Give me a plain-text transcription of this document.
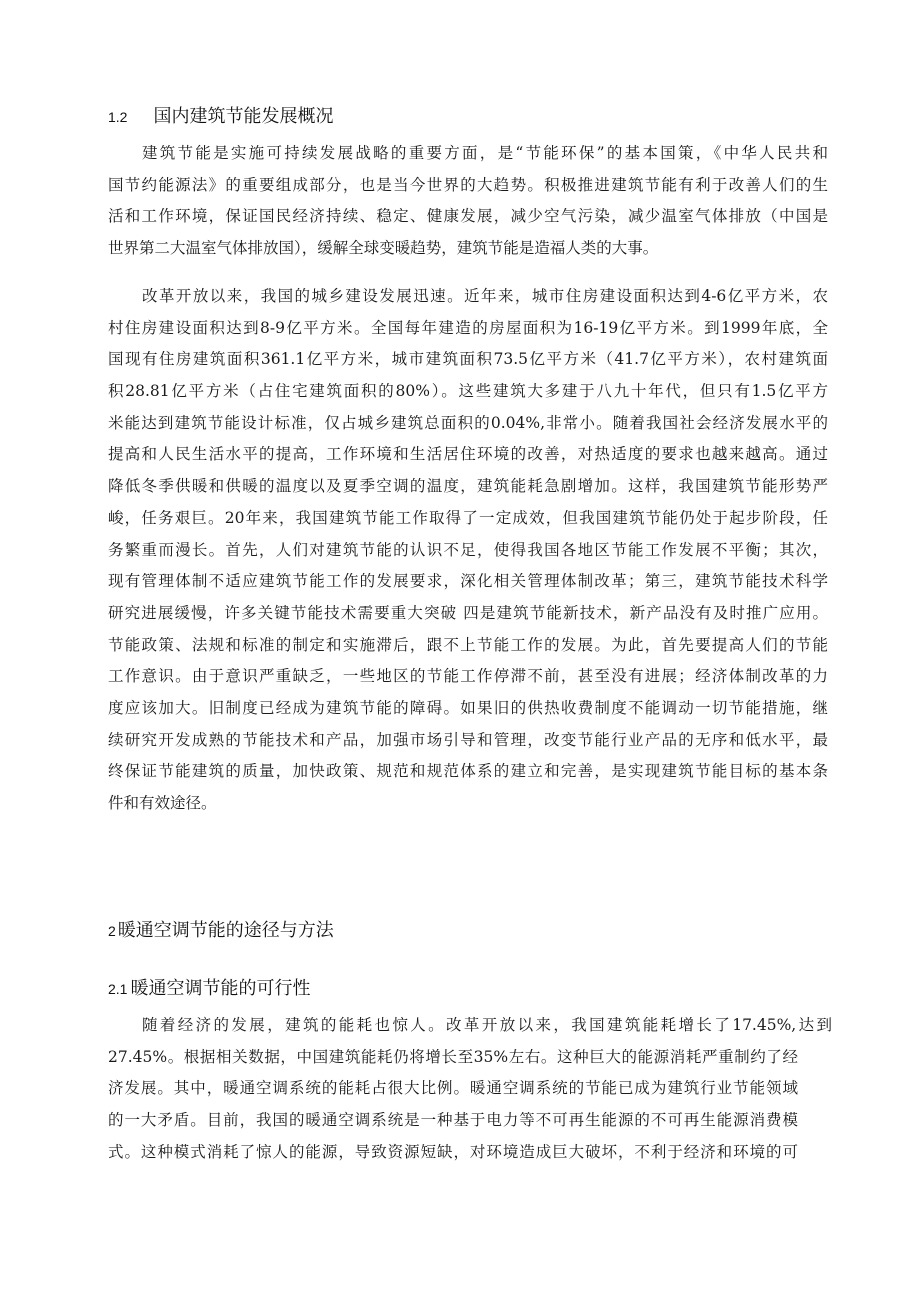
1.2 国内建筑节能发展概况
建筑节能是实施可持续发展战略的重要方面，是“节能环保”的基本国策，《中华人民共和
国节约能源法》的重要组成部分，也是当今世界的大趋势。积极推进建筑节能有利于改善人们的生
活和工作环境，保证国民经济持续、稳定、健康发展，减少空气污染，减少温室气体排放（中国是
世界第二大温室气体排放国），缓解全球变暖趋势，建筑节能是造福人类的大事。
改革开放以来，我国的城乡建设发展迅速。近年来，城市住房建设面积达到4-6亿平方米，农
村住房建设面积达到8-9亿平方米。全国每年建造的房屋面积为16-19亿平方米。到1999年底，全
国现有住房建筑面积361.1亿平方米，城市建筑面积73.5亿平方米（41.7亿平方米），农村建筑面
积28.81亿平方米（占住宅建筑面积的80%）。这些建筑大多建于八九十年代，但只有1.5亿平方
米能达到建筑节能设计标准，仅占城乡建筑总面积的0.04%,非常小。随着我国社会经济发展水平的
提高和人民生活水平的提高，工作环境和生活居住环境的改善，对热适度的要求也越来越高。通过
降低冬季供暖和供暖的温度以及夏季空调的温度，建筑能耗急剧增加。这样，我国建筑节能形势严
峻，任务艰巨。20年来，我国建筑节能工作取得了一定成效，但我国建筑节能仍处于起步阶段，任
务繁重而漫长。首先，人们对建筑节能的认识不足，使得我国各地区节能工作发展不平衡；其次，
现有管理体制不适应建筑节能工作的发展要求，深化相关管理体制改革；第三，建筑节能技术科学
研究进展缓慢，许多关键节能技术需要重大突破 四是建筑节能新技术，新产品没有及时推广应用。
节能政策、法规和标准的制定和实施滞后，跟不上节能工作的发展。为此，首先要提高人们的节能
工作意识。由于意识严重缺乏，一些地区的节能工作停滞不前，甚至没有进展；经济体制改革的力
度应该加大。旧制度已经成为建筑节能的障碍。如果旧的供热收费制度不能调动一切节能措施，继
续研究开发成熟的节能技术和产品，加强市场引导和管理，改变节能行业产品的无序和低水平，最
终保证节能建筑的质量，加快政策、规范和规范体系的建立和完善，是实现建筑节能目标的基本条
件和有效途径。
2 暖通空调节能的途径与方法
2.1 暖通空调节能的可行性
随着经济的发展，建筑的能耗也惊人。改革开放以来，我国建筑能耗增长了17.45%,达到
27.45%。根据相关数据，中国建筑能耗仍将增长至35%左右。这种巨大的能源消耗严重制约了经
济发展。其中，暖通空调系统的能耗占很大比例。暖通空调系统的节能已成为建筑行业节能领域
的一大矛盾。目前，我国的暖通空调系统是一种基于电力等不可再生能源的不可再生能源消费模
式。这种模式消耗了惊人的能源，导致资源短缺，对环境造成巨大破坏，不利于经济和环境的可
